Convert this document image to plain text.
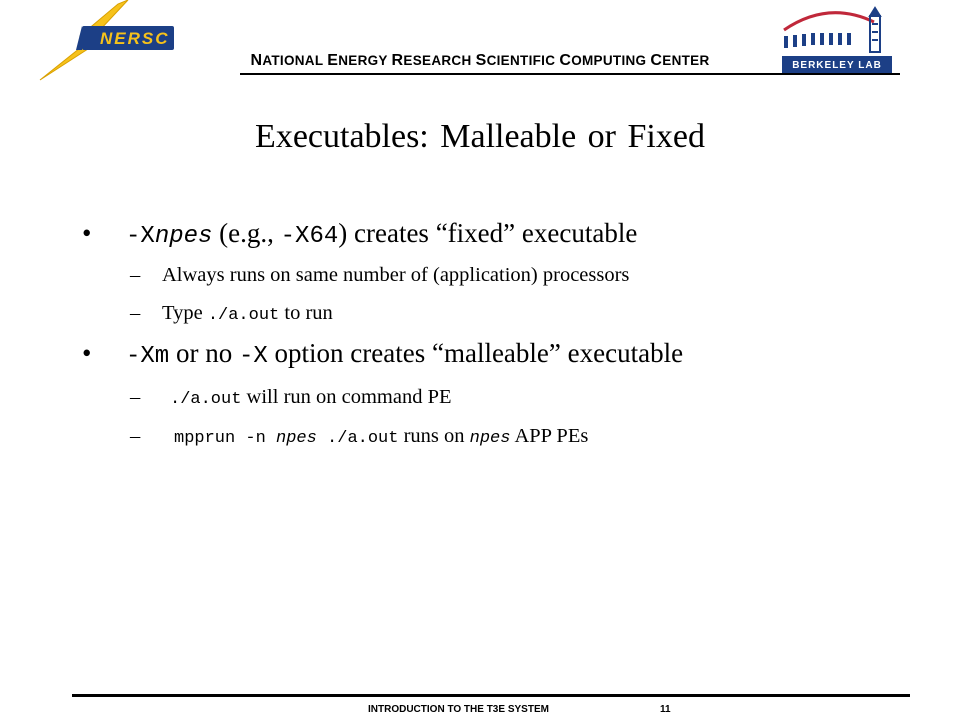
NERSC
BERKELEY LAB
NATIONAL ENERGY RESEARCH SCIENTIFIC COMPUTING CENTER
Executables: Malleable or Fixed
• -Xnpes (e.g., -X64) creates “fixed” executable
– Always runs on same number of (application) processors
– Type ./a.out to run
• -Xm or no -X option creates “malleable” executable
– ./a.out will run on command PE
– mpprun -n npes ./a.out runs on npes APP PEs
INTRODUCTION TO THE T3E SYSTEM	11
